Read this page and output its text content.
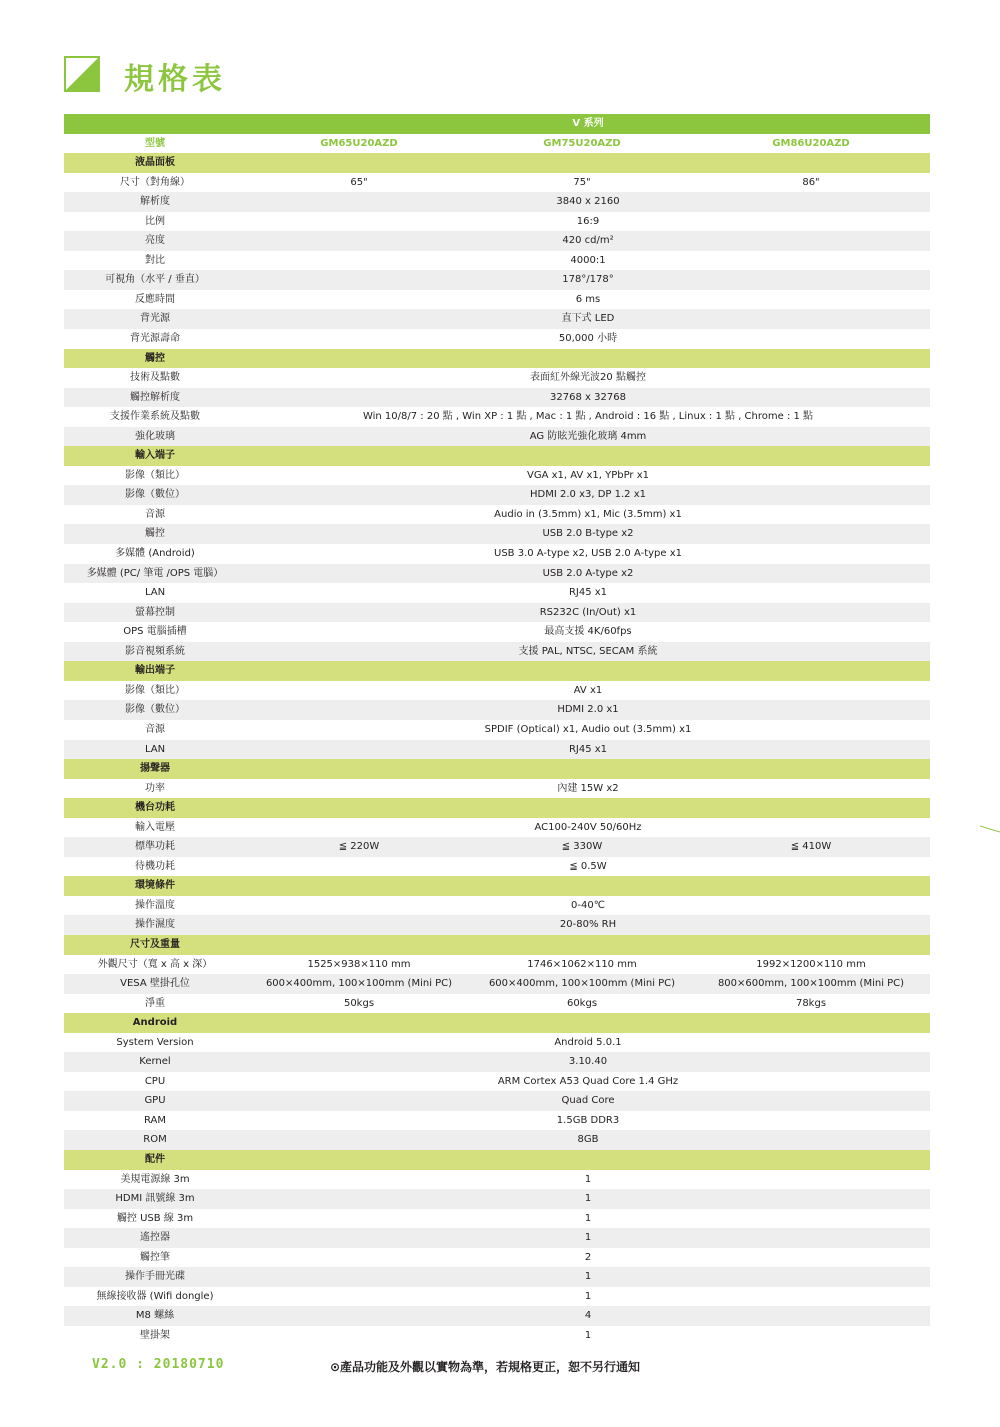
規格表
V 系列
型號	GM65U20AZD	GM75U20AZD	GM86U20AZD
液晶面板
尺寸（對角線）	65"	75"	86"
解析度	3840 x 2160
比例	16:9
亮度	420 cd/m²
對比	4000:1
可視角（水平 / 垂直）	178°/178°
反應時間	6 ms
背光源	直下式 LED
背光源壽命	50,000 小時
觸控
技術及點數	表面紅外線光波20 點觸控
觸控解析度	32768 x 32768
支援作業系統及點數	Win 10/8/7 : 20 點 , Win XP : 1 點 , Mac : 1 點 , Android : 16 點 , Linux : 1 點 , Chrome : 1 點
強化玻璃	AG 防眩光強化玻璃 4mm
輸入端子
影像（類比）	VGA x1, AV x1, YPbPr x1
影像（數位）	HDMI 2.0 x3, DP 1.2 x1
音源	Audio in (3.5mm) x1, Mic (3.5mm) x1
觸控	USB 2.0 B-type x2
多媒體 (Android)	USB 3.0 A-type x2, USB 2.0 A-type x1
多媒體 (PC/ 筆電 /OPS 電腦）	USB 2.0 A-type x2
LAN	RJ45 x1
螢幕控制	RS232C (In/Out) x1
OPS 電腦插槽	最高支援 4K/60fps
影音視頻系統	支援 PAL, NTSC, SECAM 系統
輸出端子
影像（類比）	AV x1
影像（數位）	HDMI 2.0 x1
音源	SPDIF (Optical) x1, Audio out (3.5mm) x1
LAN	RJ45 x1
揚聲器
功率	內建 15W x2
機台功耗
輸入電壓	AC100-240V 50/60Hz
標準功耗	≦ 220W	≦ 330W	≦ 410W
待機功耗	≦ 0.5W
環境條件
操作溫度	0-40℃
操作濕度	20-80% RH
尺寸及重量
外觀尺寸（寬 x 高 x 深）	1525×938×110 mm	1746×1062×110 mm	1992×1200×110 mm
VESA 壁掛孔位	600×400mm, 100×100mm (Mini PC)	600×400mm, 100×100mm (Mini PC)	800×600mm, 100×100mm (Mini PC)
淨重	50kgs	60kgs	78kgs
Android
System Version	Android 5.0.1
Kernel	3.10.40
CPU	ARM Cortex A53 Quad Core 1.4 GHz
GPU	Quad Core
RAM	1.5GB DDR3
ROM	8GB
配件
美規電源線 3m	1
HDMI 訊號線 3m	1
觸控 USB 線 3m	1
遙控器	1
觸控筆	2
操作手冊光碟	1
無線接收器 (Wifi dongle)	1
M8 螺絲	4
壁掛架	1
V2.0 : 20180710	⊙產品功能及外觀以實物為準，若規格更正，恕不另行通知
